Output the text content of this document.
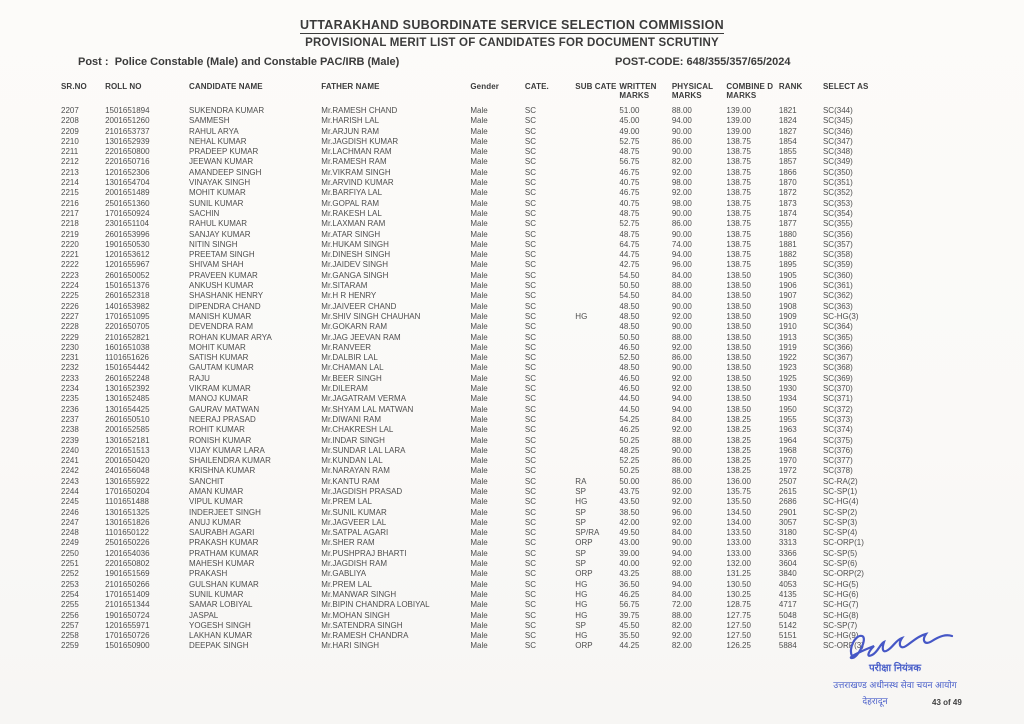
UTTARAKHAND SUBORDINATE SERVICE SELECTION COMMISSION
PROVISIONAL MERIT LIST OF CANDIDATES FOR DOCUMENT SCRUTINY
Post : Police Constable (Male) and Constable PAC/IRB (Male)	POST-CODE: 648/355/357/65/2024
SR.NO	ROLL NO	CANDIDATE NAME	FATHER NAME	Gender	CATE.	SUB CATE	WRITTEN MARKS	PHYSICAL MARKS	COMBINE D MARKS	RANK	SELECT AS
2207	1501651894	SUKENDRA KUMAR	Mr.RAMESH CHAND	Male	SC		51.00	88.00	139.00	1821	SC(344)
2208	2001651260	SAMMESH	Mr.HARISH LAL	Male	SC		45.00	94.00	139.00	1824	SC(345)
2209	2101653737	RAHUL ARYA	Mr.ARJUN RAM	Male	SC		49.00	90.00	139.00	1827	SC(346)
2210	1301652939	NEHAL KUMAR	Mr.JAGDISH KUMAR	Male	SC		52.75	86.00	138.75	1854	SC(347)
2211	2201650800	PRADEEP KUMAR	Mr.LACHMAN RAM	Male	SC		48.75	90.00	138.75	1855	SC(348)
2212	2201650716	JEEWAN KUMAR	Mr.RAMESH RAM	Male	SC		56.75	82.00	138.75	1857	SC(349)
2213	1201652306	AMANDEEP SINGH	Mr.VIKRAM SINGH	Male	SC		46.75	92.00	138.75	1866	SC(350)
2214	1301654704	VINAYAK SINGH	Mr.ARVIND KUMAR	Male	SC		40.75	98.00	138.75	1870	SC(351)
2215	2001651489	MOHIT KUMAR	Mr.BARFIYA LAL	Male	SC		46.75	92.00	138.75	1872	SC(352)
2216	2501651360	SUNIL KUMAR	Mr.GOPAL RAM	Male	SC		40.75	98.00	138.75	1873	SC(353)
2217	1701650924	SACHIN	Mr.RAKESH LAL	Male	SC		48.75	90.00	138.75	1874	SC(354)
2218	2301651104	RAHUL KUMAR	Mr.LAXMAN RAM	Male	SC		52.75	86.00	138.75	1877	SC(355)
2219	2601653996	SANJAY KUMAR	Mr.ATAR SINGH	Male	SC		48.75	90.00	138.75	1880	SC(356)
2220	1901650530	NITIN SINGH	Mr.HUKAM SINGH	Male	SC		64.75	74.00	138.75	1881	SC(357)
2221	1201653612	PREETAM SINGH	Mr.DINESH SINGH	Male	SC		44.75	94.00	138.75	1882	SC(358)
2222	1201655967	SHIVAM SHAH	Mr.JAIDEV SINGH	Male	SC		42.75	96.00	138.75	1895	SC(359)
2223	2601650052	PRAVEEN KUMAR	Mr.GANGA SINGH	Male	SC		54.50	84.00	138.50	1905	SC(360)
2224	1501651376	ANKUSH KUMAR	Mr.SITARAM	Male	SC		50.50	88.00	138.50	1906	SC(361)
2225	2601652318	SHASHANK HENRY	Mr.H R HENRY	Male	SC		54.50	84.00	138.50	1907	SC(362)
2226	1401653982	DIPENDRA CHAND	Mr.JAIVEER CHAND	Male	SC		48.50	90.00	138.50	1908	SC(363)
2227	1701651095	MANISH KUMAR	Mr.SHIV SINGH CHAUHAN	Male	SC	HG	48.50	92.00	138.50	1909	SC-HG(3)
2228	2201650705	DEVENDRA RAM	Mr.GOKARN RAM	Male	SC		48.50	90.00	138.50	1910	SC(364)
2229	2101652821	ROHAN KUMAR ARYA	Mr.JAG JEEVAN RAM	Male	SC		50.50	88.00	138.50	1913	SC(365)
2230	1601651038	MOHIT KUMAR	Mr.RANVEER	Male	SC		46.50	92.00	138.50	1919	SC(366)
2231	1101651626	SATISH KUMAR	Mr.DALBIR LAL	Male	SC		52.50	86.00	138.50	1922	SC(367)
2232	1501654442	GAUTAM KUMAR	Mr.CHAMAN LAL	Male	SC		48.50	90.00	138.50	1923	SC(368)
2233	2601652248	RAJU	Mr.BEER SINGH	Male	SC		46.50	92.00	138.50	1925	SC(369)
2234	1301652392	VIKRAM KUMAR	Mr.DILERAM	Male	SC		46.50	92.00	138.50	1930	SC(370)
2235	1301652485	MANOJ KUMAR	Mr.JAGATRAM VERMA	Male	SC		44.50	94.00	138.50	1934	SC(371)
2236	1301654425	GAURAV MATWAN	Mr.SHYAM LAL MATWAN	Male	SC		44.50	94.00	138.50	1950	SC(372)
2237	2601650510	NEERAJ PRASAD	Mr.DIWANI RAM	Male	SC		54.25	84.00	138.25	1955	SC(373)
2238	2001652585	ROHIT KUMAR	Mr.CHAKRESH LAL	Male	SC		46.25	92.00	138.25	1963	SC(374)
2239	1301652181	RONISH KUMAR	Mr.INDAR SINGH	Male	SC		50.25	88.00	138.25	1964	SC(375)
2240	2201651513	VIJAY KUMAR LARA	Mr.SUNDAR LAL LARA	Male	SC		48.25	90.00	138.25	1968	SC(376)
2241	2001650420	SHAILENDRA KUMAR	Mr.KUNDAN LAL	Male	SC		52.25	86.00	138.25	1970	SC(377)
2242	2401656048	KRISHNA KUMAR	Mr.NARAYAN RAM	Male	SC		50.25	88.00	138.25	1972	SC(378)
2243	1301655922	SANCHIT	Mr.KANTU RAM	Male	SC	RA	50.00	86.00	136.00	2507	SC-RA(2)
2244	1701650204	AMAN KUMAR	Mr.JAGDISH PRASAD	Male	SC	SP	43.75	92.00	135.75	2615	SC-SP(1)
2245	1101651488	VIPUL KUMAR	Mr.PREM LAL	Male	SC	HG	43.50	92.00	135.50	2686	SC-HG(4)
2246	1301651325	INDERJEET SINGH	Mr.SUNIL KUMAR	Male	SC	SP	38.50	96.00	134.50	2901	SC-SP(2)
2247	1301651826	ANUJ KUMAR	Mr.JAGVEER LAL	Male	SC	SP	42.00	92.00	134.00	3057	SC-SP(3)
2248	1101650122	SAURABH AGARI	Mr.SATPAL AGARI	Male	SC	SP/RA	49.50	84.00	133.50	3180	SC-SP(4)
2249	2501650226	PRAKASH KUMAR	Mr.SHER RAM	Male	SC	ORP	43.00	90.00	133.00	3313	SC-ORP(1)
2250	1201654036	PRATHAM KUMAR	Mr.PUSHPRAJ BHARTI	Male	SC	SP	39.00	94.00	133.00	3366	SC-SP(5)
2251	2201650802	MAHESH KUMAR	Mr.JAGDISH RAM	Male	SC	SP	40.00	92.00	132.00	3604	SC-SP(6)
2252	1901651569	PRAKASH	Mr.GABLIYA	Male	SC	ORP	43.25	88.00	131.25	3840	SC-ORP(2)
2253	2101650266	GULSHAN KUMAR	Mr.PREM LAL	Male	SC	HG	36.50	94.00	130.50	4053	SC-HG(5)
2254	1701651409	SUNIL KUMAR	Mr.MANWAR SINGH	Male	SC	HG	46.25	84.00	130.25	4135	SC-HG(6)
2255	2101651344	SAMAR LOBIYAL	Mr.BIPIN CHANDRA LOBIYAL	Male	SC	HG	56.75	72.00	128.75	4717	SC-HG(7)
2256	1901650724	JASPAL	Mr.MOHAN SINGH	Male	SC	HG	39.75	88.00	127.75	5048	SC-HG(8)
2257	1201655971	YOGESH SINGH	Mr.SATENDRA SINGH	Male	SC	SP	45.50	82.00	127.50	5142	SC-SP(7)
2258	1701650726	LAKHAN KUMAR	Mr.RAMESH CHANDRA	Male	SC	HG	35.50	92.00	127.50	5151	SC-HG(9)
2259	1501650900	DEEPAK SINGH	Mr.HARI SINGH	Male	SC	ORP	44.25	82.00	126.25	5884	SC-ORP(3)
परीक्षा नियंत्रक
उत्तराखण्ड अधीनस्थ सेवा चयन आयोग
देहरादून	43 of 49
